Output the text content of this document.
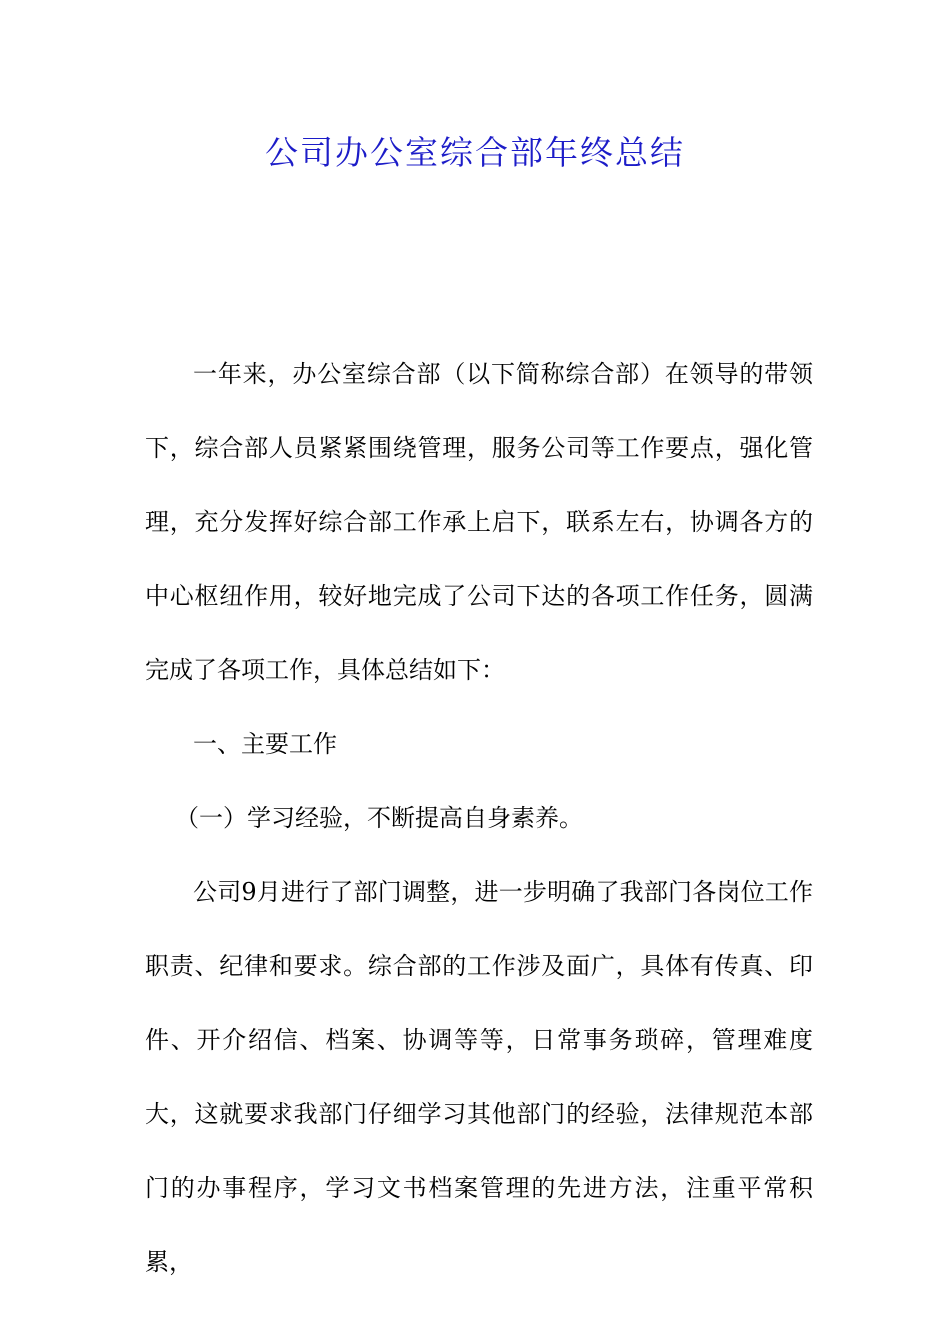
公司办公室综合部年终总结

一年来，办公室综合部（以下简称综合部）在领导的带领下，综合部人员紧紧围绕管理，服务公司等工作要点，强化管理，充分发挥好综合部工作承上启下，联系左右，协调各方的中心枢纽作用，较好地完成了公司下达的各项工作任务，圆满完成了各项工作，具体总结如下：

一、主要工作

（一）学习经验，不断提高自身素养。

公司9月进行了部门调整，进一步明确了我部门各岗位工作职责、纪律和要求。综合部的工作涉及面广，具体有传真、印件、开介绍信、档案、协调等等，日常事务琐碎，管理难度大，这就要求我部门仔细学习其他部门的经验，法律规范本部门的办事程序，学习文书档案管理的先进方法，注重平常积累，
